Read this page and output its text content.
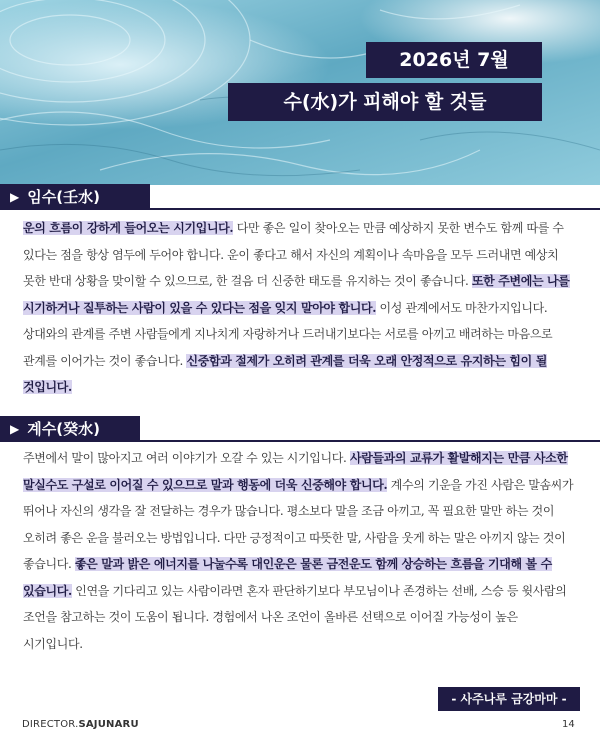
2026년 7월
수(水)가 피해야 할 것들
▶ 임수(壬水)
운의 흐름이 강하게 들어오는 시기입니다. 다만 좋은 일이 찾아오는 만큼 예상하지 못한 변수도 함께 따를 수 있다는 점을 항상 염두에 두어야 합니다. 운이 좋다고 해서 자신의 계획이나 속마음을 모두 드러내면 예상치 못한 반대 상황을 맞이할 수 있으므로, 한 걸음 더 신중한 태도를 유지하는 것이 좋습니다. 또한 주변에는 나를 시기하거나 질투하는 사람이 있을 수 있다는 점을 잊지 말아야 합니다. 이성 관계에서도 마찬가지입니다. 상대와의 관계를 주변 사람들에게 지나치게 자랑하거나 드러내기보다는 서로를 아끼고 배려하는 마음으로 관계를 이어가는 것이 좋습니다. 신중함과 절제가 오히려 관계를 더욱 오래 안정적으로 유지하는 힘이 될 것입니다.
▶ 계수(癸水)
주변에서 말이 많아지고 여러 이야기가 오갈 수 있는 시기입니다. 사람들과의 교류가 활발해지는 만큼 사소한 말실수도 구설로 이어질 수 있으므로 말과 행동에 더욱 신중해야 합니다. 계수의 기운을 가진 사람은 말솜씨가 뛰어나 자신의 생각을 잘 전달하는 경우가 많습니다. 평소보다 말을 조금 아끼고, 꼭 필요한 말만 하는 것이 오히려 좋은 운을 불러오는 방법입니다. 다만 긍정적이고 따뜻한 말, 사람을 웃게 하는 말은 아끼지 않는 것이 좋습니다. 좋은 말과 밝은 에너지를 나눌수록 대인운은 물론 금전운도 함께 상승하는 흐름을 기대해 볼 수 있습니다. 인연을 기다리고 있는 사람이라면 혼자 판단하기보다 부모님이나 존경하는 선배, 스승 등 윗사람의 조언을 참고하는 것이 도움이 됩니다. 경험에서 나온 조언이 올바른 선택으로 이어질 가능성이 높은 시기입니다.
- 사주나루 금강마마 -
DIRECTOR.SAJUNARU	14
